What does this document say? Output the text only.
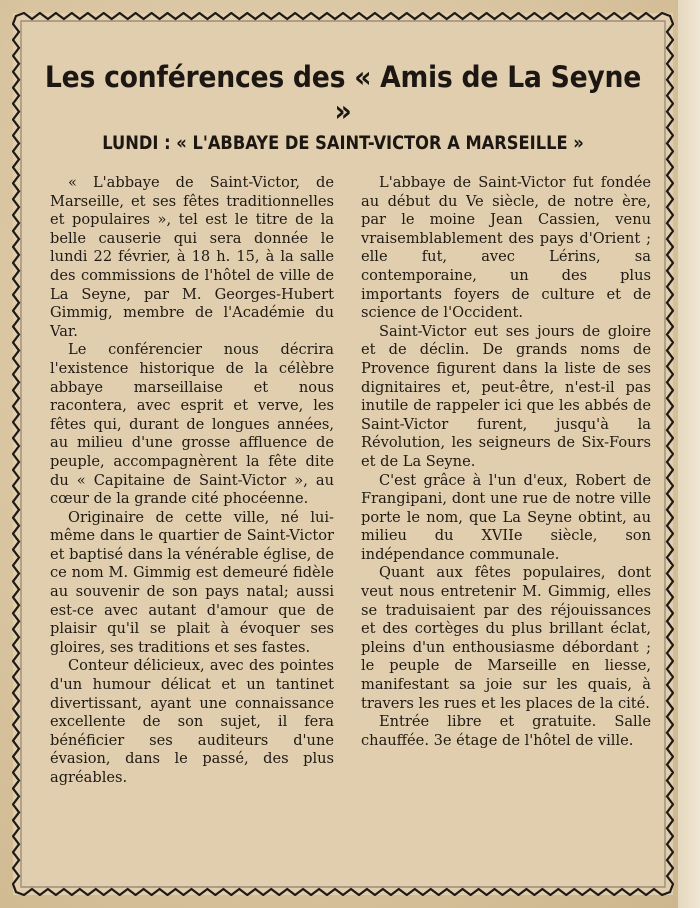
Les conférences des « Amis de La Seyne »
LUNDI : « L'ABBAYE DE SAINT-VICTOR A MARSEILLE »

« L'abbaye de Saint-Victor, de Marseille, et ses fêtes traditionnelles et populaires », tel est le titre de la belle causerie qui sera donnée le lundi 22 février, à 18 h. 15, à la salle des commissions de l'hôtel de ville de La Seyne, par M. Georges-Hubert Gimmig, membre de l'Académie du Var.

Le conférencier nous décrira l'existence historique de la célèbre abbaye marseillaise et nous racontera, avec esprit et verve, les fêtes qui, durant de longues années, au milieu d'une grosse affluence de peuple, accompagnèrent la fête dite du « Capitaine de Saint-Victor », au cœur de la grande cité phocéenne.

Originaire de cette ville, né lui-même dans le quartier de Saint-Victor et baptisé dans la vénérable église, de ce nom M. Gimmig est demeuré fidèle au souvenir de son pays natal; aussi est-ce avec autant d'amour que de plaisir qu'il se plait à évoquer ses gloires, ses traditions et ses fastes.

Conteur délicieux, avec des pointes d'un humour délicat et un tantinet divertissant, ayant une connaissance excellente de son sujet, il fera bénéficier ses auditeurs d'une évasion, dans le passé, des plus agréables.

L'abbaye de Saint-Victor fut fondée au début du Ve siècle, de notre ère, par le moine Jean Cassien, venu vraisemblablement des pays d'Orient ; elle fut, avec Lérins, sa contemporaine, un des plus importants foyers de culture et de science de l'Occident.

Saint-Victor eut ses jours de gloire et de déclin. De grands noms de Provence figurent dans la liste de ses dignitaires et, peut-être, n'est-il pas inutile de rappeler ici que les abbés de Saint-Victor furent, jusqu'à la Révolution, les seigneurs de Six-Fours et de La Seyne.

C'est grâce à l'un d'eux, Robert de Frangipani, dont une rue de notre ville porte le nom, que La Seyne obtint, au milieu du XVIIe siècle, son indépendance communale.

Quant aux fêtes populaires, dont veut nous entretenir M. Gimmig, elles se traduisaient par des réjouissances et des cortèges du plus brillant éclat, pleins d'un enthousiasme débordant ; le peuple de Marseille en liesse, manifestant sa joie sur les quais, à travers les rues et les places de la cité.

Entrée libre et gratuite. Salle chauffée. 3e étage de l'hôtel de ville.
